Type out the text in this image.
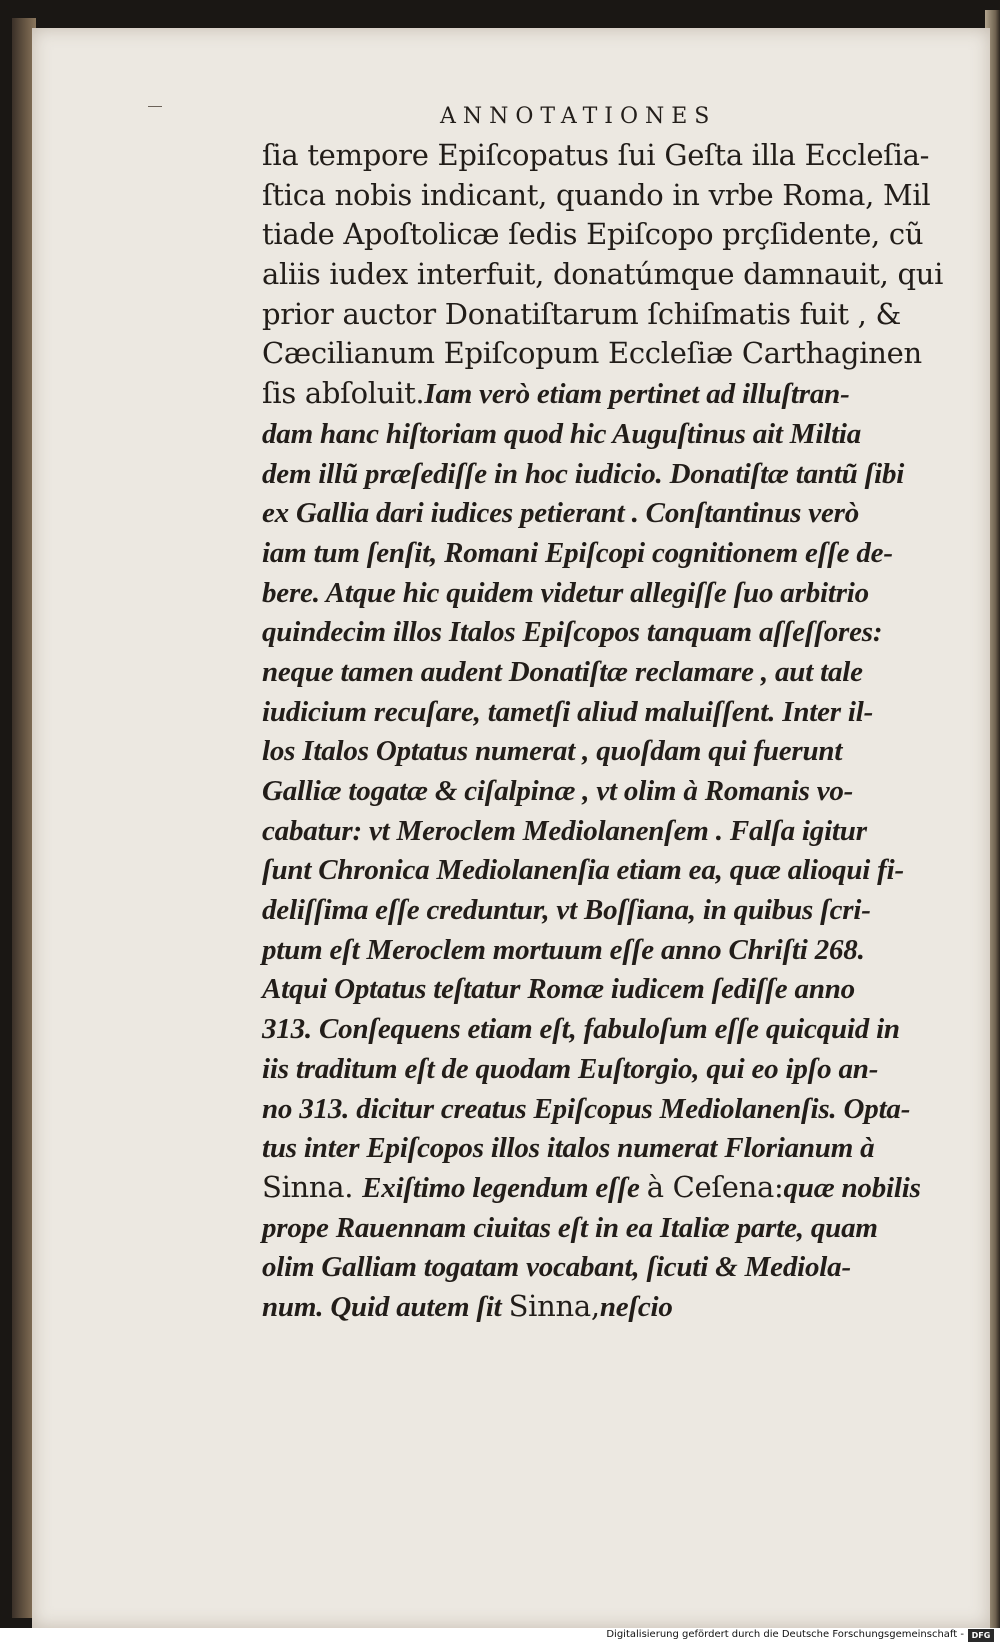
ANNOTATIONES

ſia tempore Epiſcopatus ſui Geſta illa Eccleſia-
ſtica nobis indicant, quando in vrbe Roma, Mil
tiade Apoſtolicæ ſedis Epiſcopo prçſidente, cũ
aliis iudex interfuit, donatúmque damnauit, qui
prior auctor Donatiſtarum ſchiſmatis fuit , &
Cæcilianum Epiſcopum Eccleſiæ Carthaginen
ſis abſoluit.Iam verò etiam pertinet ad illuſtran-
dam hanc hiſtoriam quod hic Auguſtinus ait Miltia
dem illũ præſediſſe in hoc iudicio. Donatiſtæ tantũ ſibi
ex Gallia dari iudices petierant . Conſtantinus verò
iam tum ſenſit, Romani Epiſcopi cognitionem eſſe de-
bere. Atque hic quidem videtur allegiſſe ſuo arbitrio
quindecim illos Italos Epiſcopos tanquam aſſeſſores:
neque tamen audent Donatiſtæ reclamare , aut tale
iudicium recuſare, tametſi aliud maluiſſent. Inter il-
los Italos Optatus numerat , quoſdam qui fuerunt
Galliæ togatæ & ciſalpinæ , vt olim à Romanis vo-
cabatur: vt Meroclem Mediolanenſem . Falſa igitur
ſunt Chronica Mediolanenſia etiam ea, quæ alioqui fi-
deliſſima eſſe creduntur, vt Boſſiana, in quibus ſcri-
ptum eſt Meroclem mortuum eſſe anno Chriſti 268.
Atqui Optatus teſtatur Romæ iudicem ſediſſe anno
313. Conſequens etiam eſt, fabuloſum eſſe quicquid in
iis traditum eſt de quodam Euſtorgio, qui eo ipſo an-
no 313. dicitur creatus Epiſcopus Mediolanenſis. Opta-
tus inter Epiſcopos illos italos numerat Florianum à
Sinna. Exiſtimo legendum eſſe à Ceſena:quæ nobilis
prope Rauennam ciuitas eſt in ea Italiæ parte, quam
olim Galliam togatam vocabant, ſicuti & Mediola-
num. Quid autem ſit Sinna,neſcio

Digitalisierung gefördert durch die Deutsche Forschungsgemeinschaft - DFG
